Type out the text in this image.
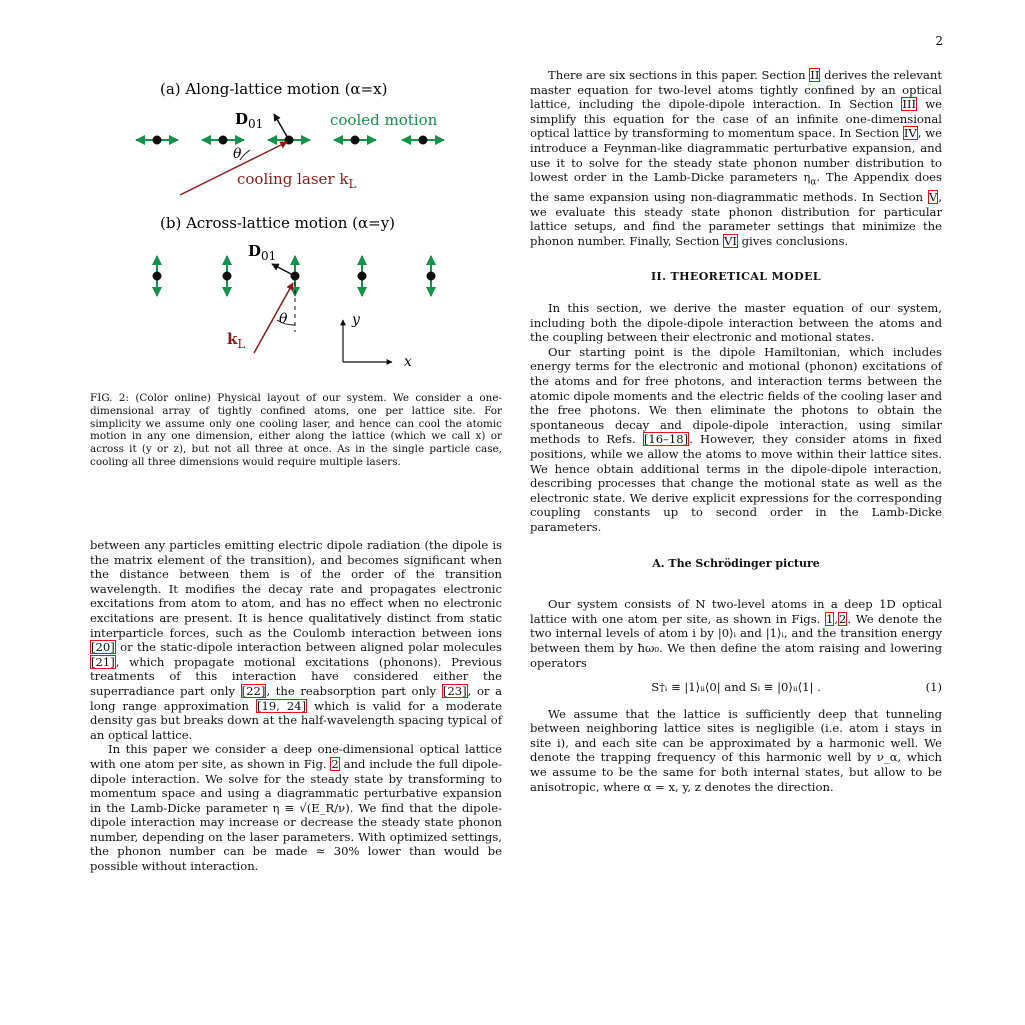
2
(a) Along-lattice motion (α=x)
$D_{01}$	cooled motion
θ
cooling laser $k_L$
(b) Across-lattice motion (α=y)
$D_{01}$
θ
$k_L$
y
x
FIG. 2: (Color online) Physical layout of our system. We consider a one-dimensional array of tightly confined atoms, one per lattice site. For simplicity we assume only one cooling laser, and hence can cool the atomic motion in any one dimension, either along the lattice (which we call x) or across it (y or z), but not all three at once. As in the single particle case, cooling all three dimensions would require multiple lasers.

between any particles emitting electric dipole radiation (the dipole is the matrix element of the transition), and becomes significant when the distance between them is of the order of the transition wavelength. It modifies the decay rate and propagates electronic excitations from atom to atom, and has no effect when no electronic excitations are present. It is hence qualitatively distinct from static interparticle forces, such as the Coulomb interaction between ions [20] or the static-dipole interaction between aligned polar molecules [21], which propagate motional excitations (phonons). Previous treatments of this interaction have considered either the superradiance part only [22], the reabsorption part only [23], or a long range approximation [19, 24] which is valid for a moderate density gas but breaks down at the half-wavelength spacing typical of an optical lattice.

In this paper we consider a deep one-dimensional optical lattice with one atom per site, as shown in Fig. 2 and include the full dipole-dipole interaction. We solve for the steady state by transforming to momentum space and using a diagrammatic perturbative expansion in the Lamb-Dicke parameter η ≡ √(E_R/ν). We find that the dipole-dipole interaction may increase or decrease the steady state phonon number, depending on the laser parameters. With optimized settings, the phonon number can be made ≈ 30% lower than would be possible without interaction.

There are six sections in this paper. Section II derives the relevant master equation for two-level atoms tightly confined by an optical lattice, including the dipole-dipole interaction. In Section III we simplify this equation for the case of an infinite one-dimensional optical lattice by transforming to momentum space. In Section IV, we introduce a Feynman-like diagrammatic perturbative expansion, and use it to solve for the steady state phonon number distribution to lowest order in the Lamb-Dicke parameters $\eta_\alpha$. The Appendix does the same expansion using non-diagrammatic methods. In Section V, we evaluate this steady state phonon distribution for particular lattice setups, and find the parameter settings that minimize the phonon number. Finally, Section VI gives conclusions.

II. THEORETICAL MODEL

In this section, we derive the master equation of our system, including both the dipole-dipole interaction between the atoms and the coupling between their electronic and motional states.

Our starting point is the dipole Hamiltonian, which includes energy terms for the electronic and motional (phonon) excitations of the atoms and for free photons, and interaction terms between the atomic dipole moments and the electric fields of the cooling laser and the free photons. We then eliminate the photons to obtain the spontaneous decay and dipole-dipole interaction, using similar methods to Refs. [16–18]. However, they consider atoms in fixed positions, while we allow the atoms to move within their lattice sites. We hence obtain additional terms in the dipole-dipole interaction, describing processes that change the motional state as well as the electronic state. We derive explicit expressions for the corresponding coupling constants up to second order in the Lamb-Dicke parameters.

A. The Schrödinger picture

Our system consists of N two-level atoms in a deep 1D optical lattice with one atom per site, as shown in Figs. 1,2. We denote the two internal levels of atom i by |0⟩ᵢ and |1⟩ᵢ, and the transition energy between them by ħω₀. We then define the atom raising and lowering operators

S†ᵢ ≡ |1⟩ᵢᵢ⟨0| and Sᵢ ≡ |0⟩ᵢᵢ⟨1| .	(1)

We assume that the lattice is sufficiently deep that tunneling between neighboring lattice sites is negligible (i.e. atom i stays in site i), and each site can be approximated by a harmonic well. We denote the trapping frequency of this harmonic well by ν_α, which we assume to be the same for both internal states, but allow to be anisotropic, where α = x, y, z denotes the direction.
